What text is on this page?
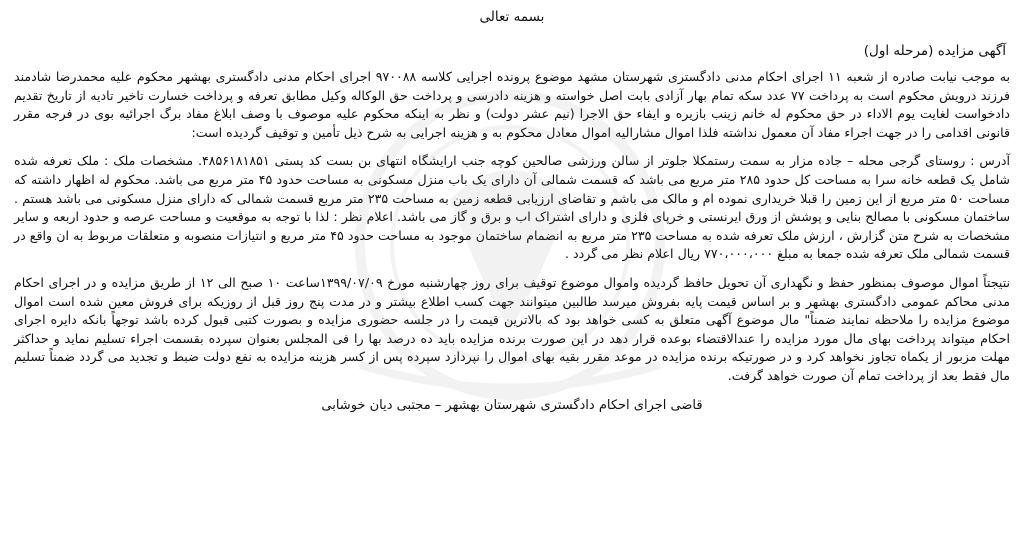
بسمه تعالی

آگهی مزایده (مرحله اول)

به موجب نیابت صادره از شعبه ۱۱ اجرای احکام مدنی دادگستری شهرستان مشهد موضوع پرونده اجرایی کلاسه ۹۷۰۰۸۸ اجرای احکام مدنی دادگستری بهشهر محکوم علیه محمدرضا شادمند فرزند درویش محکوم است به پرداخت ۷۷ عدد سکه تمام بهار آزادی بابت اصل خواسته و هزینه دادرسی و پرداخت حق الوکاله وکیل مطابق تعرفه و پرداخت خسارت تاخیر تادیه از تاریخ تقدیم دادخواست لغایت یوم الاداء در حق محکوم له خانم زینب بازیره و ایفاء حق الاجرا (نیم عشر دولت) و نظر به اینکه محکوم علیه موصوف با وصف ابلاغ مفاد برگ اجرائیه بوی در فرجه مقرر قانونی اقدامی را در جهت اجراء مفاد آن معمول نداشته فلذا اموال مشارالیه اموال معادل محکوم به و هزینه اجرایی به شرح ذیل تأمین و توقیف گردیده است:

آدرس : روستای گرجی محله – جاده مزار به سمت رستمکلا جلوتر از سالن ورزشی صالحین کوچه جنب ارایشگاه انتهای بن بست کد پستی ۴۸۵۶۱۸۱۸۵۱. مشخصات ملک : ملک تعرفه شده شامل یک قطعه خانه سرا به مساحت کل حدود ۲۸۵ متر مربع می باشد که قسمت شمالی آن دارای یک باب منزل مسکونی به مساحت حدود ۴۵ متر مربع می باشد. محکوم له اظهار داشته که مساحت ۵۰ متر مربع از این زمین را قبلا خریداری نموده ام و مالک می باشم و تقاضای ارزیابی قطعه زمین به مساحت ۲۳۵ متر مربع قسمت شمالی که دارای منزل مسکونی می باشد هستم . ساختمان مسکونی با مصالح بنایی و پوشش از ورق ایرنستی و خرپای فلزی و دارای اشتراک اب و برق و گاز می باشد. اعلام نظر : لذا با توجه به موقعیت و مساحت عرصه و حدود اربعه و سایر مشخصات به شرح متن گزارش ، ارزش ملک تعرفه شده به مساحت ۲۳۵ متر مربع به انضمام ساختمان موجود به مساحت حدود ۴۵ متر مربع و انتیازات منصوبه و متعلقات مربوط به ان واقع در قسمت شمالی ملک تعرفه شده جمعا به مبلغ ۷۷۰،۰۰۰،۰۰۰ ریال اعلام نظر می گردد .

نتیجتاً اموال موصوف بمنظور حفظ و نگهداری آن تحویل حافظ گردیده واموال موضوع توقیف برای روز چهارشنبه مورخ ۱۳۹۹/۰۷/۰۹ساعت ۱۰ صبح الی ۱۲ از طریق مزایده و در اجرای احکام مدنی محاکم عمومی دادگستری بهشهر و بر اساس قیمت پایه بفروش میرسد طالبین میتوانند جهت کسب اطلاع بیشتر و در مدت پنج روز قبل از روزیکه برای فروش معین شده است اموال موضوع مزایده را ملاحظه نمایند ضمناً" مال موضوع آگهی متعلق به کسی خواهد بود که بالاترین قیمت را در جلسه حضوری مزایده و بصورت کتبی قبول کرده باشد توجهاً بانکه دایره اجرای احکام میتواند پرداخت بهای مال مورد مزایده را عندالاقتضاء بوعده قرار دهد در این صورت برنده مزایده باید ده درصد بها را فی المجلس بعنوان سپرده بقسمت اجراء تسلیم نماید و حداکثر مهلت مزبور از یکماه تجاوز نخواهد کرد و در صورتیکه برنده مزایده در موعد مقرر بقیه بهای اموال را نپردازد سپرده پس از کسر هزینه مزایده به نفع دولت ضبط و تجدید می گردد ضمناً تسلیم مال فقط بعد از پرداخت تمام آن صورت خواهد گرفت.

قاضی اجرای احکام دادگستری شهرستان بهشهر – مجتبی دیان خوشابی
